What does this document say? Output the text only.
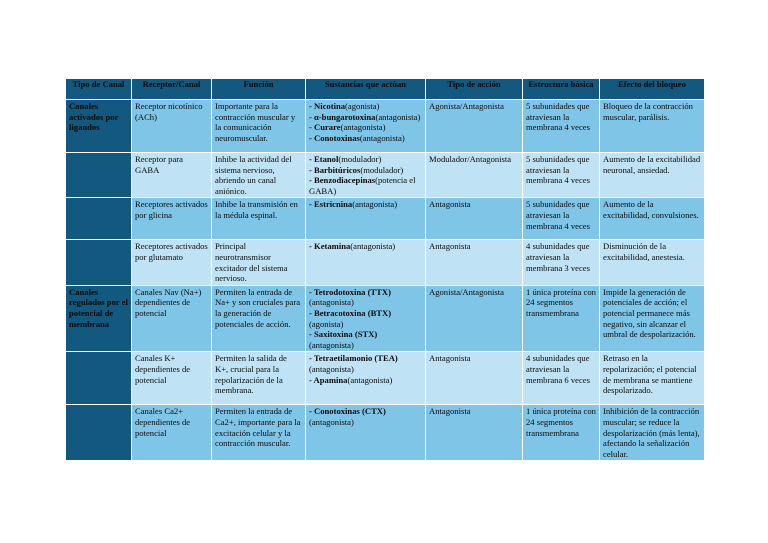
Tipo de Canal	Receptor/Canal	Función	Sustancias que actúan	Tipo de acción	Estructura básica	Efecto del bloqueo
Canales activados por ligandos	Receptor nicotínico (ACh)	Importante para la contracción muscular y la comunicación neuromuscular.	- Nicotina(agonista)
- α-bungarotoxina(antagonista)
- Curare(antagonista)
- Conotoxinas(antagonista)	Agonista/Antagonista	5 subunidades que atraviesan la membrana 4 veces	Bloqueo de la contracción muscular, parálisis.
	Receptor para GABA	Inhibe la actividad del sistema nervioso, abriendo un canal aniónico.	- Etanol(modulador)
- Barbitúricos(modulador)
- Benzodiacepinas(potencia el GABA)	Modulador/Antagonista	5 subunidades que atraviesan la membrana 4 veces	Aumento de la excitabilidad neuronal, ansiedad.
	Receptores activados por glicina	Inhibe la transmisión en la médula espinal.	- Estricnina(antagonista)	Antagonista	5 subunidades que atraviesan la membrana 4 veces	Aumento de la excitabilidad, convulsiones.
	Receptores activados por glutamato	Principal neurotransmisor excitador del sistema nervioso.	- Ketamina(antagonista)	Antagonista	4 subunidades que atraviesan la membrana 3 veces	Disminución de la excitabilidad, anestesia.
Canales regulados por el potencial de membrana	Canales Nav (Na+) dependientes de potencial	Permiten la entrada de Na+ y son cruciales para la generación de potenciales de acción.	- Tetrodotoxina (TTX)(antagonista)
- Betracotoxina (BTX)(agonista)
- Saxitoxina (STX)(antagonista)	Agonista/Antagonista	1 única proteína con 24 segmentos transmembrana	Impide la generación de potenciales de acción; el potencial permanece más negativo, sin alcanzar el umbral de despolarización.
	Canales K+ dependientes de potencial	Permiten la salida de K+, crucial para la repolarización de la membrana.	- Tetraetilamonio (TEA)(antagonista)
- Apamina(antagonista)	Antagonista	4 subunidades que atraviesan la membrana 6 veces	Retraso en la repolarización; el potencial de membrana se mantiene despolarizado.
	Canales Ca2+ dependientes de potencial	Permiten la entrada de Ca2+, importante para la excitación celular y la contracción muscular.	- Conotoxinas (CTX)(antagonista)	Antagonista	1 única proteína con 24 segmentos transmembrana	Inhibición de la contracción muscular; se reduce la despolarización (más lenta), afectando la señalización celular.
